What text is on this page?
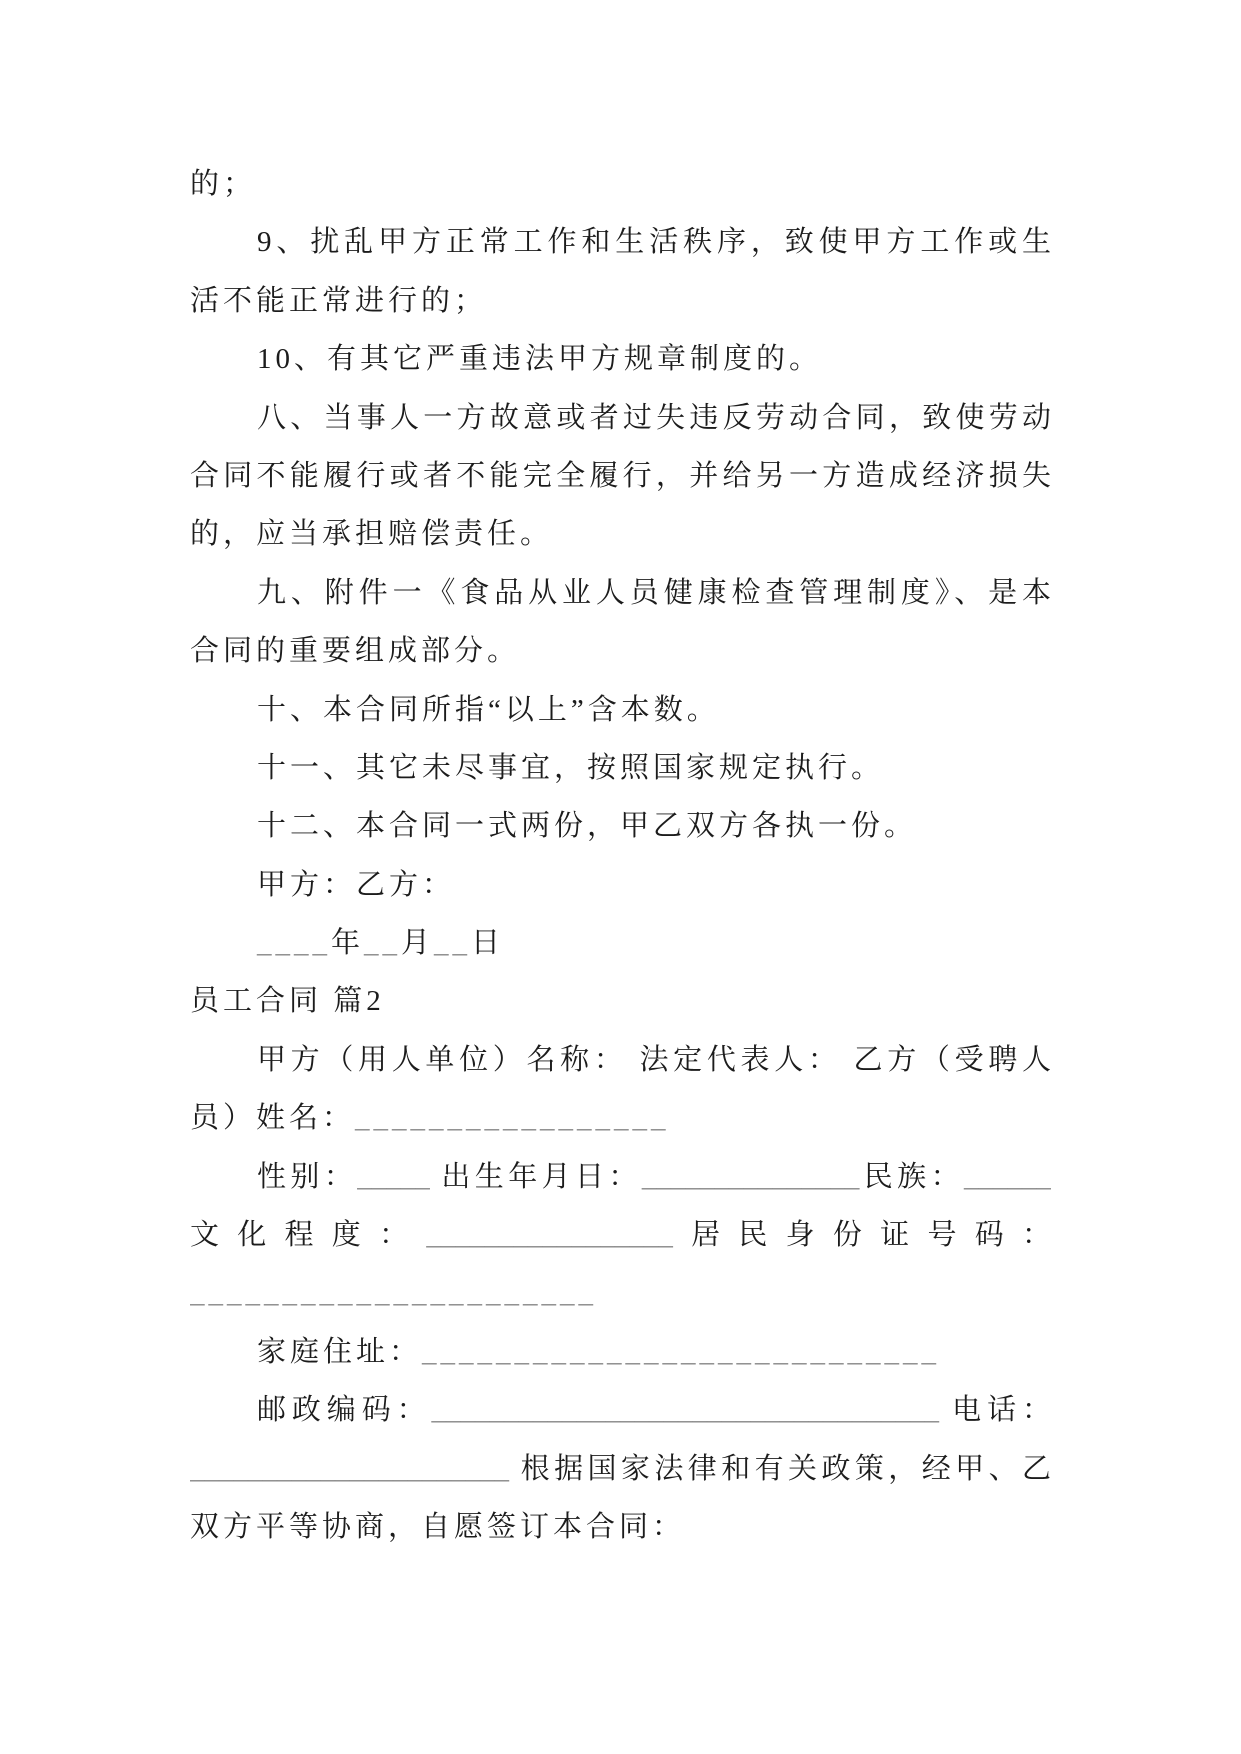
的；
9、扰乱甲方正常工作和生活秩序，致使甲方工作或生
活不能正常进行的；
10、有其它严重违法甲方规章制度的。
八、当事人一方故意或者过失违反劳动合同，致使劳动
合同不能履行或者不能完全履行，并给另一方造成经济损失
的，应当承担赔偿责任。
九、附件一《食品从业人员健康检查管理制度》、是本
合同的重要组成部分。
十、本合同所指“以上”含本数。
十一、其它未尽事宜，按照国家规定执行。
十二、本合同一式两份，甲乙双方各执一份。
甲方：乙方：
____年__月__日
员工合同 篇2
甲方（用人单位）名称： 法定代表人： 乙方（受聘人
员）姓名：_________________
性别：_____ 出生年月日：_______________民族：______
文化程度：_________________居民身份证号码：
______________________
家庭住址：____________________________
邮政编码：___________________________________ 电话：
______________________ 根据国家法律和有关政策，经甲、乙
双方平等协商，自愿签订本合同：
